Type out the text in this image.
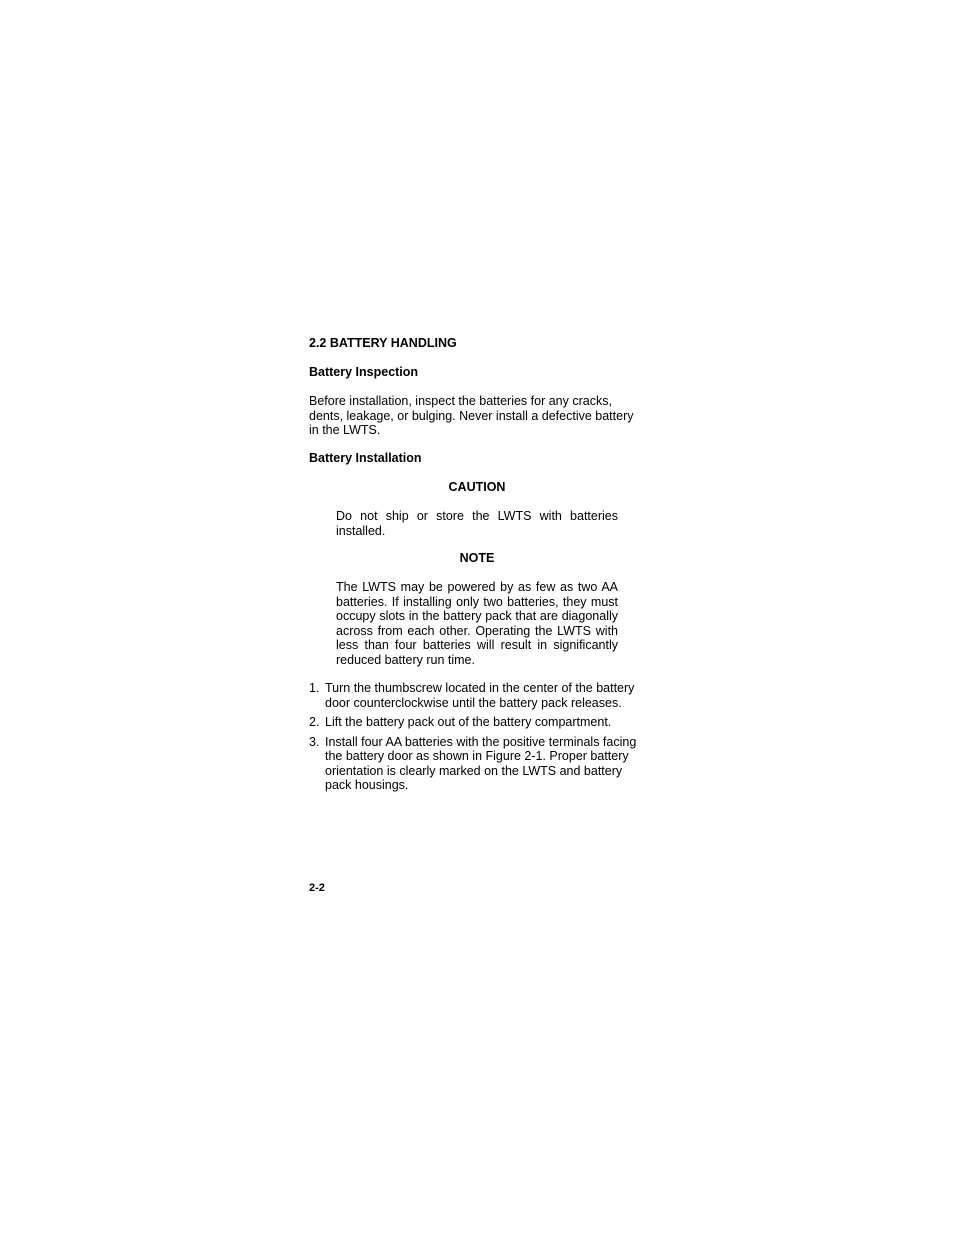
2.2 BATTERY HANDLING
Battery Inspection
Before installation, inspect the batteries for any cracks, dents, leakage, or bulging. Never install a defective battery in the LWTS.
Battery Installation
CAUTION
Do not ship or store the LWTS with batteries installed.
NOTE
The LWTS may be powered by as few as two AA batteries. If installing only two batteries, they must occupy slots in the battery pack that are diagonally across from each other. Operating the LWTS with less than four batteries will result in significantly reduced battery run time.
1. Turn the thumbscrew located in the center of the battery door counterclockwise until the battery pack releases.
2. Lift the battery pack out of the battery compartment.
3. Install four AA batteries with the positive terminals facing the battery door as shown in Figure 2-1. Proper battery orientation is clearly marked on the LWTS and battery pack housings.
2-2
